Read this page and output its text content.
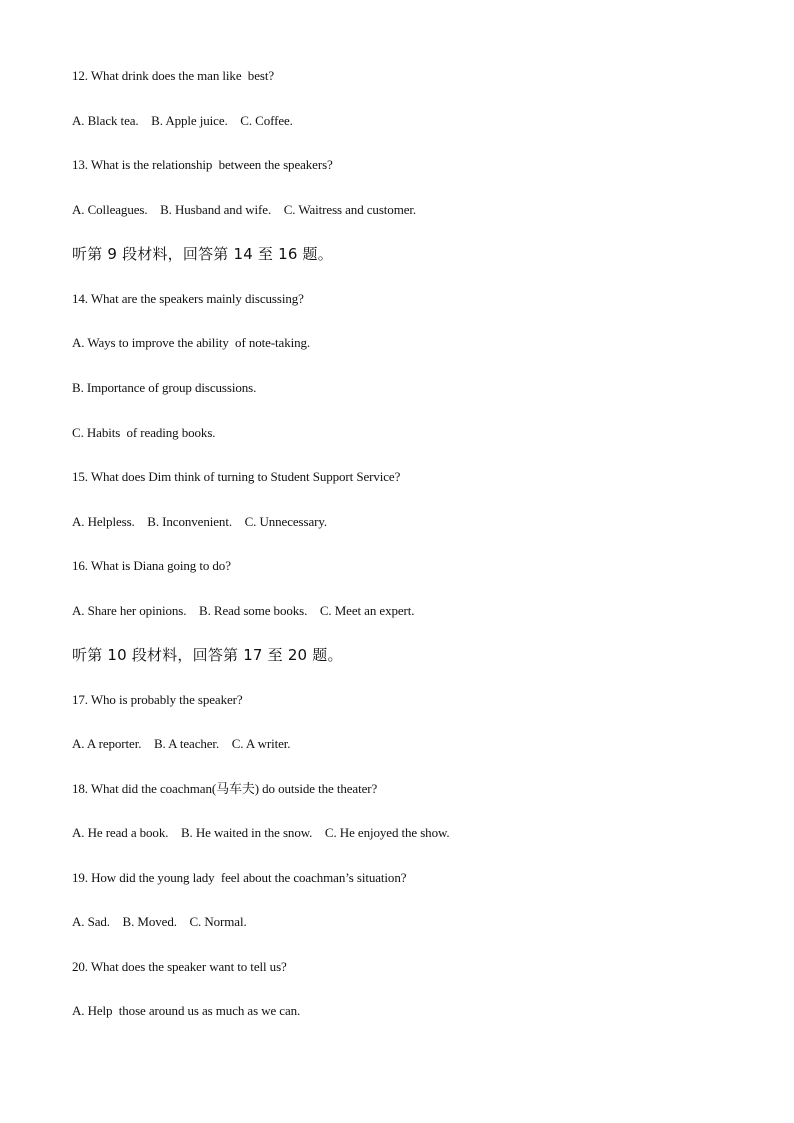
12. What drink does the man like  best?
A. Black tea.    B. Apple juice.    C. Coffee.
13. What is the relationship  between the speakers?
A. Colleagues.    B. Husband and wife.    C. Waitress and customer.
听第 9 段材料，回答第 14 至 16 题。
14. What are the speakers mainly discussing?
A. Ways to improve the ability  of note-taking.
B. Importance of group discussions.
C. Habits  of reading books.
15. What does Dim think of turning to Student Support Service?
A. Helpless.    B. Inconvenient.    C. Unnecessary.
16. What is Diana going to do?
A. Share her opinions.    B. Read some books.    C. Meet an expert.
听第 10 段材料，回答第 17 至 20 题。
17. Who is probably the speaker?
A. A reporter.    B. A teacher.    C. A writer.
18. What did the coachman(马车夫) do outside the theater?
A. He read a book.    B. He waited in the snow.    C. He enjoyed the show.
19. How did the young lady  feel about the coachman’s situation?
A. Sad.    B. Moved.    C. Normal.
20. What does the speaker want to tell us?
A. Help  those around us as much as we can.
